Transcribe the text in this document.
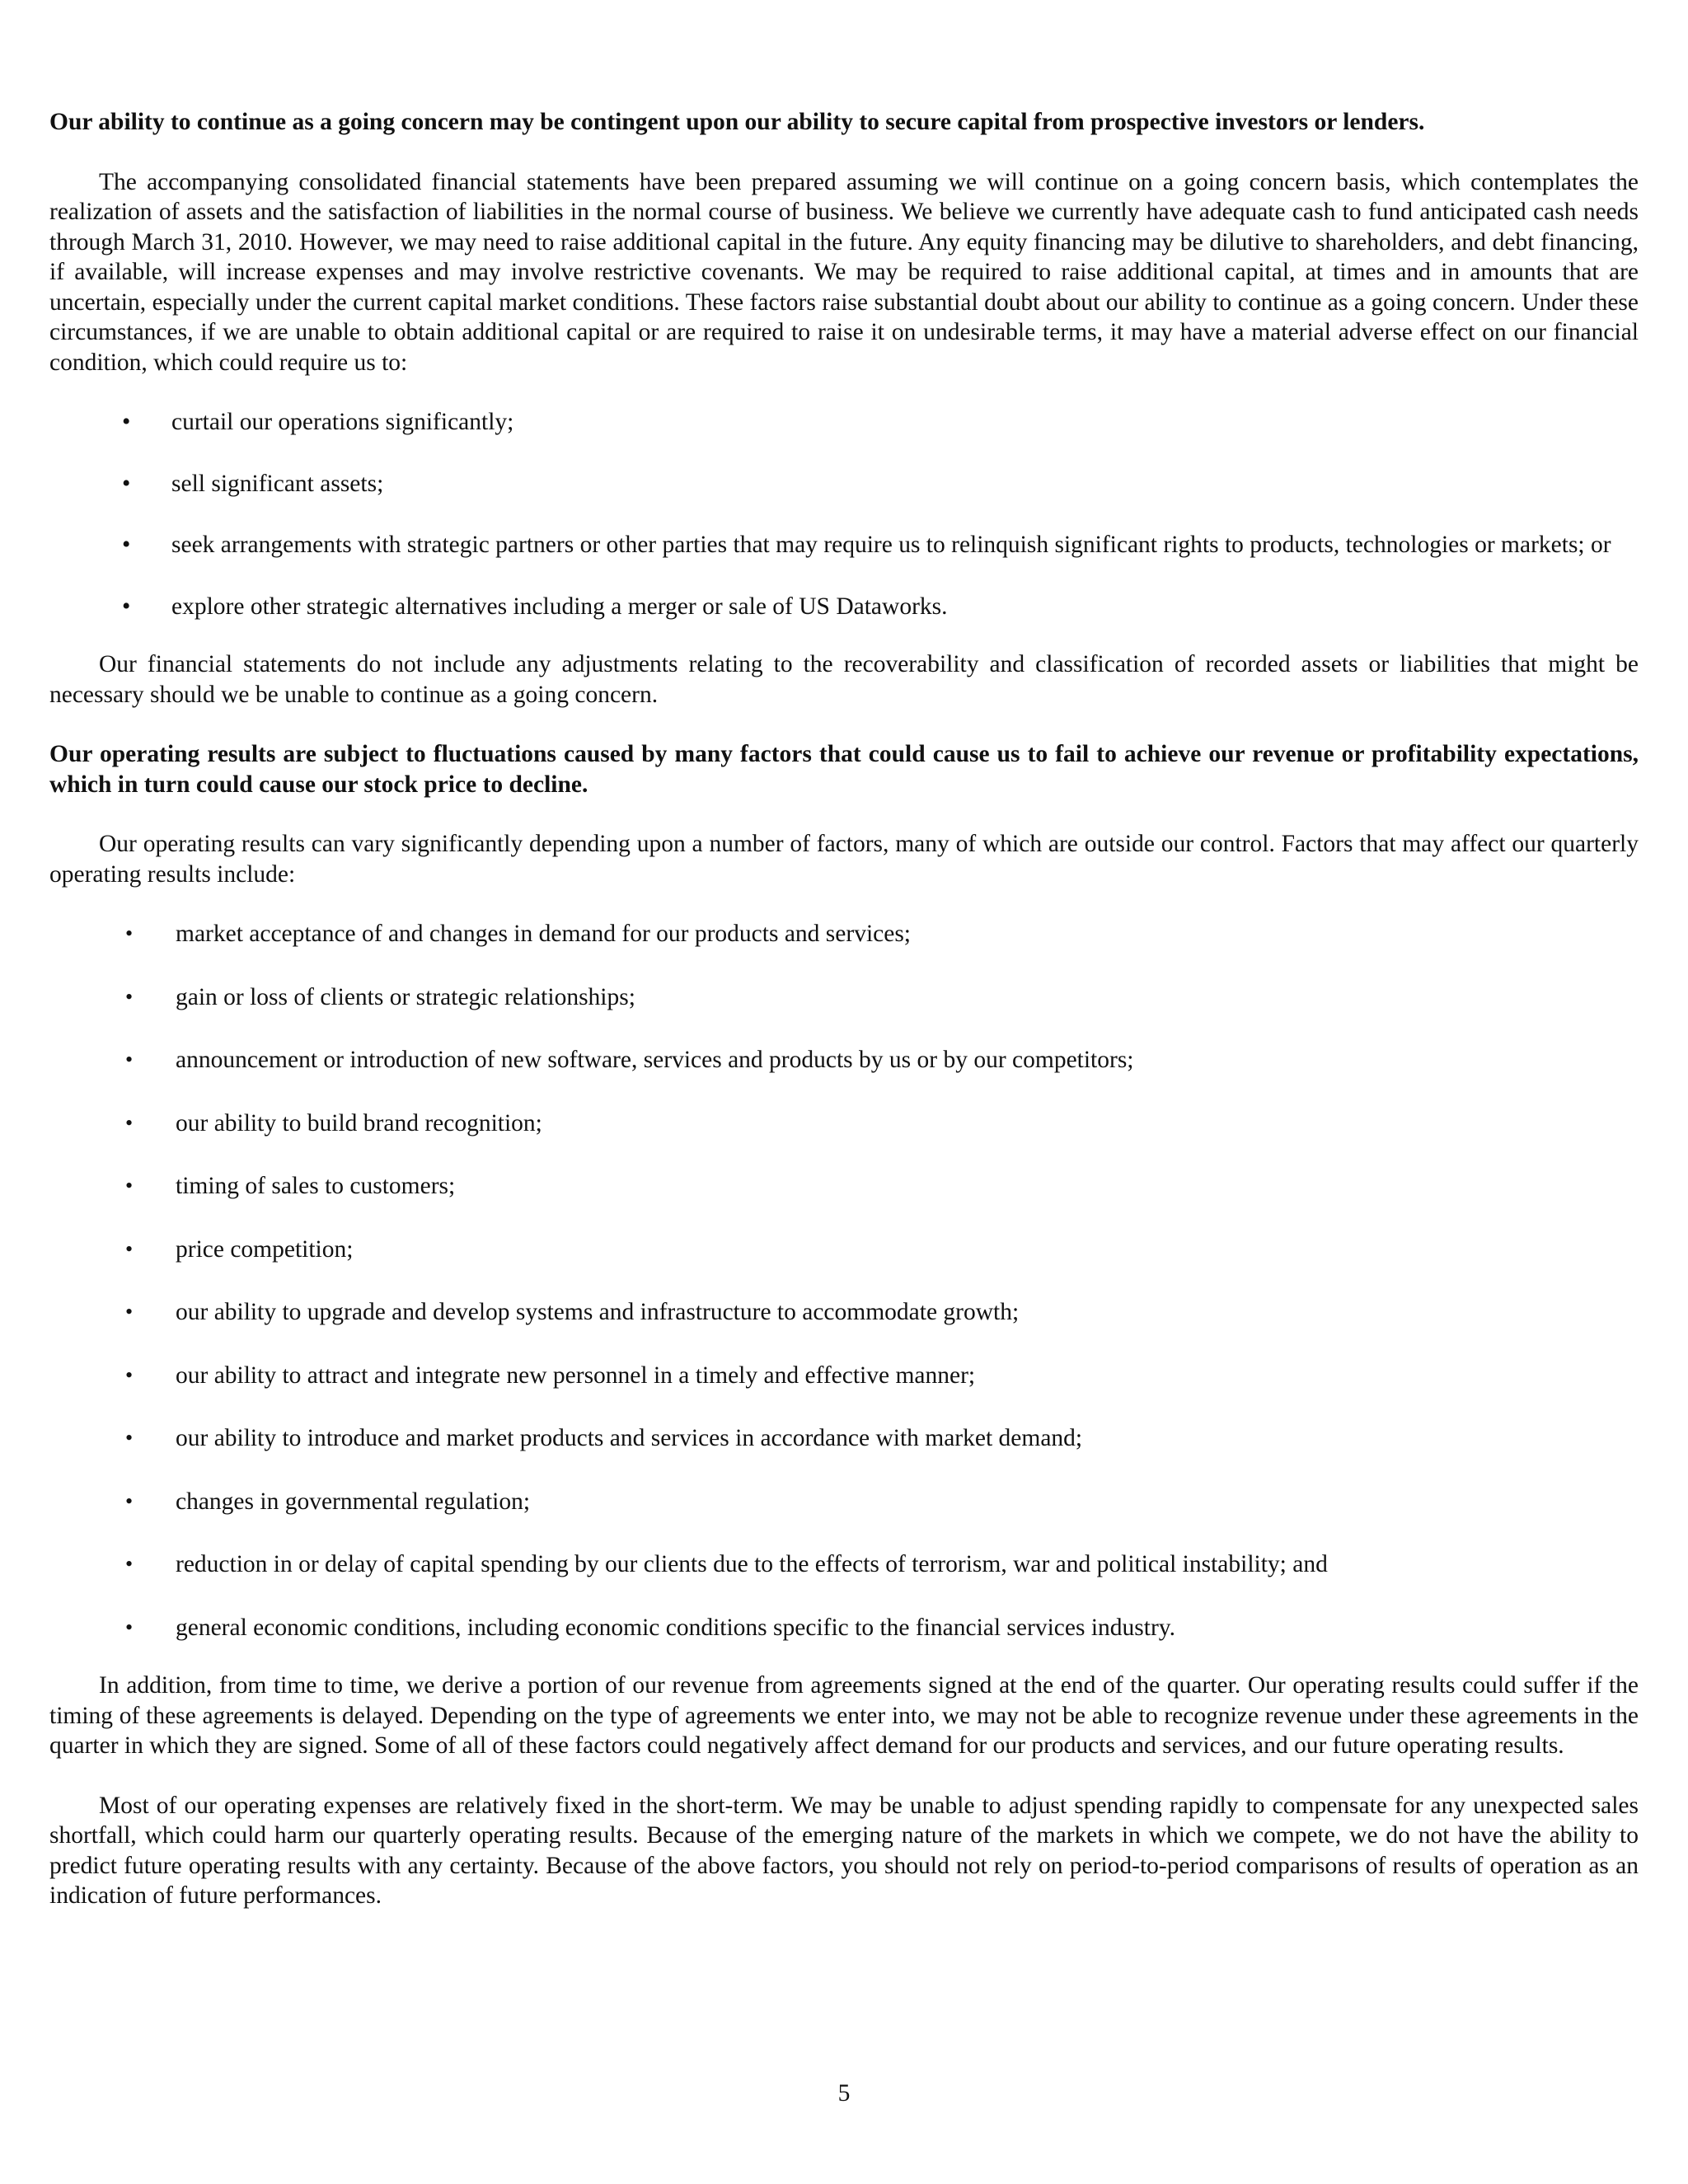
Our ability to continue as a going concern may be contingent upon our ability to secure capital from prospective investors or lenders.

The accompanying consolidated financial statements have been prepared assuming we will continue on a going concern basis, which contemplates the realization of assets and the satisfaction of liabilities in the normal course of business. We believe we currently have adequate cash to fund anticipated cash needs through March 31, 2010. However, we may need to raise additional capital in the future. Any equity financing may be dilutive to shareholders, and debt financing, if available, will increase expenses and may involve restrictive covenants. We may be required to raise additional capital, at times and in amounts that are uncertain, especially under the current capital market conditions. These factors raise substantial doubt about our ability to continue as a going concern. Under these circumstances, if we are unable to obtain additional capital or are required to raise it on undesirable terms, it may have a material adverse effect on our financial condition, which could require us to:

• curtail our operations significantly;
• sell significant assets;
• seek arrangements with strategic partners or other parties that may require us to relinquish significant rights to products, technologies or markets; or
• explore other strategic alternatives including a merger or sale of US Dataworks.

Our financial statements do not include any adjustments relating to the recoverability and classification of recorded assets or liabilities that might be necessary should we be unable to continue as a going concern.

Our operating results are subject to fluctuations caused by many factors that could cause us to fail to achieve our revenue or profitability expectations, which in turn could cause our stock price to decline.

Our operating results can vary significantly depending upon a number of factors, many of which are outside our control. Factors that may affect our quarterly operating results include:

• market acceptance of and changes in demand for our products and services;
• gain or loss of clients or strategic relationships;
• announcement or introduction of new software, services and products by us or by our competitors;
• our ability to build brand recognition;
• timing of sales to customers;
• price competition;
• our ability to upgrade and develop systems and infrastructure to accommodate growth;
• our ability to attract and integrate new personnel in a timely and effective manner;
• our ability to introduce and market products and services in accordance with market demand;
• changes in governmental regulation;
• reduction in or delay of capital spending by our clients due to the effects of terrorism, war and political instability; and
• general economic conditions, including economic conditions specific to the financial services industry.

In addition, from time to time, we derive a portion of our revenue from agreements signed at the end of the quarter. Our operating results could suffer if the timing of these agreements is delayed. Depending on the type of agreements we enter into, we may not be able to recognize revenue under these agreements in the quarter in which they are signed. Some of all of these factors could negatively affect demand for our products and services, and our future operating results.

Most of our operating expenses are relatively fixed in the short-term. We may be unable to adjust spending rapidly to compensate for any unexpected sales shortfall, which could harm our quarterly operating results. Because of the emerging nature of the markets in which we compete, we do not have the ability to predict future operating results with any certainty. Because of the above factors, you should not rely on period-to-period comparisons of results of operation as an indication of future performances.

5
